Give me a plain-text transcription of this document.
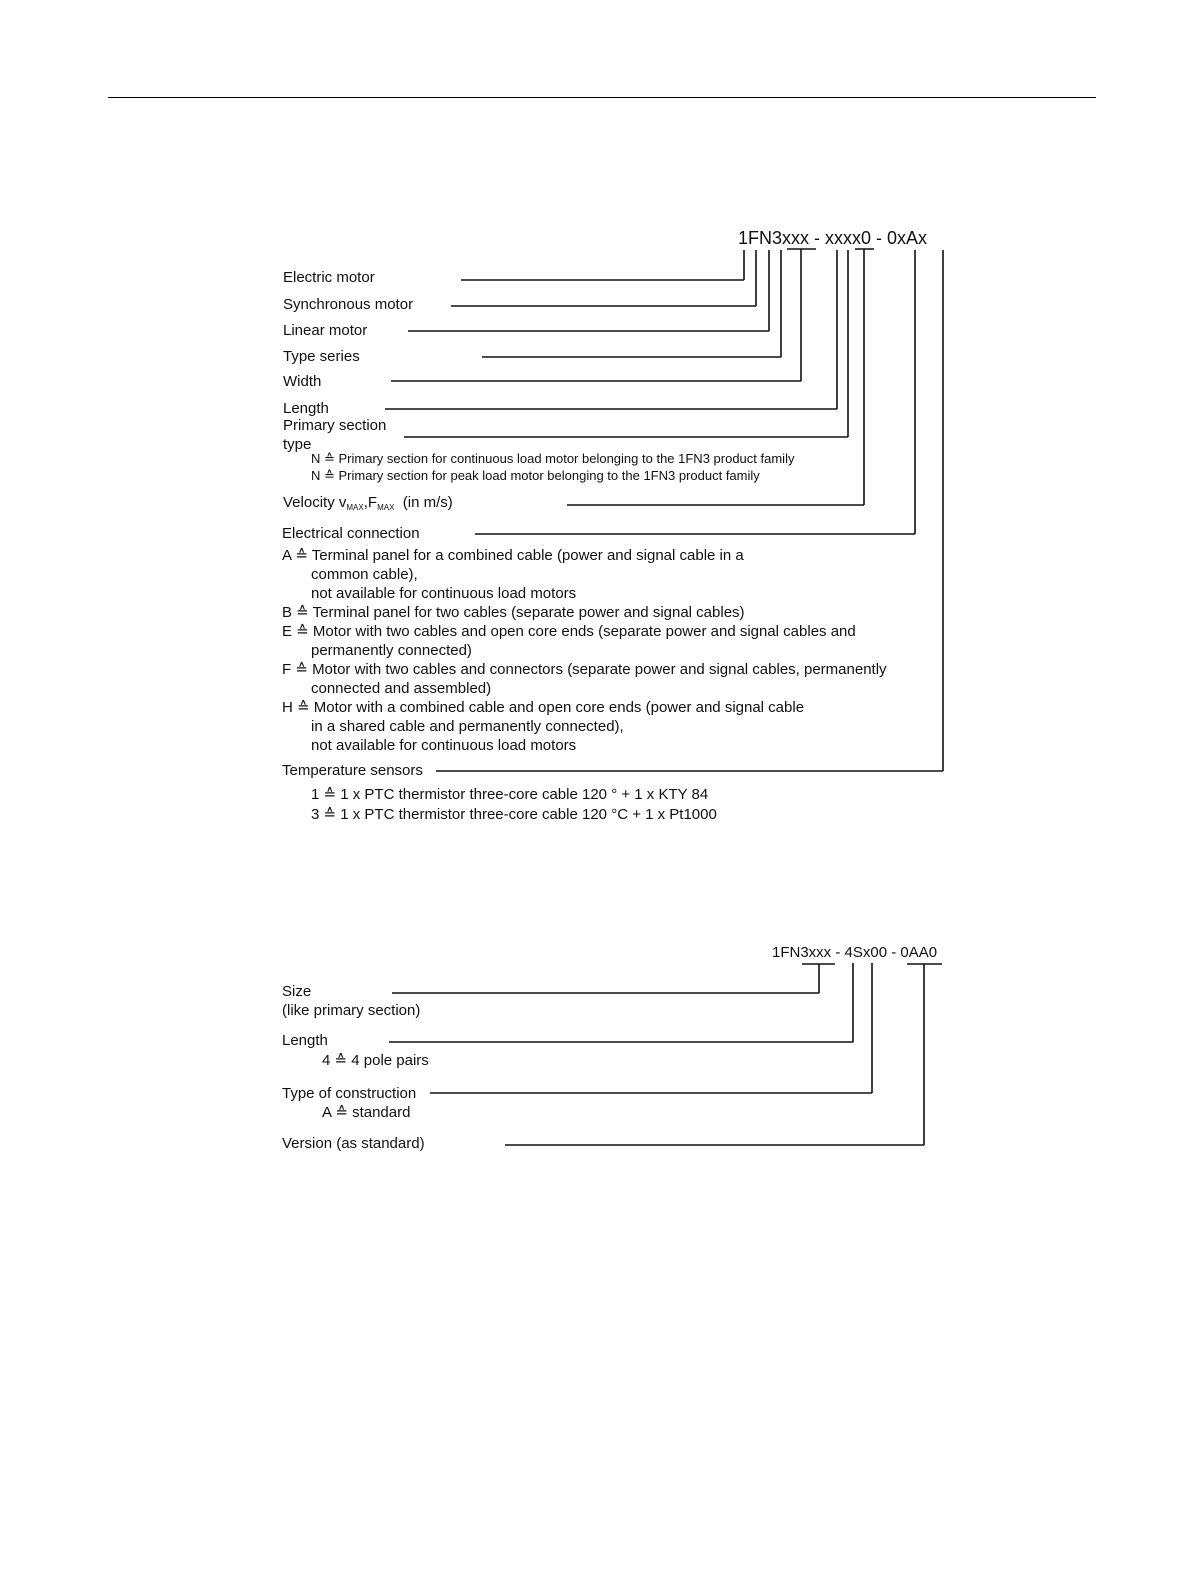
1FN3xxx - xxxx0 - 0xAx
Electric motor
Synchronous motor
Linear motor
Type series
Width
Length
Primary section
type
N ≙ Primary section for continuous load motor belonging to the 1FN3 product family
N ≙ Primary section for peak load motor belonging to the 1FN3 product family
Velocity $v_{MAX},F_{MAX}$ (in m/s)
Electrical connection
A ≙ Terminal panel for a combined cable (power and signal cable in a
common cable),
not available for continuous load motors
B ≙ Terminal panel for two cables (separate power and signal cables)
E ≙ Motor with two cables and open core ends (separate power and signal cables and
permanently connected)
F ≙ Motor with two cables and connectors (separate power and signal cables, permanently
connected and assembled)
H ≙ Motor with a combined cable and open core ends (power and signal cable
in a shared cable and permanently connected),
not available for continuous load motors
Temperature sensors
1 ≙ 1 x PTC thermistor three-core cable 120 ° + 1 x KTY 84
3 ≙ 1 x PTC thermistor three-core cable 120 °C + 1 x Pt1000
1FN3xxx - 4Sx00 - 0AA0
Size
(like primary section)
Length
4 ≙ 4 pole pairs
Type of construction
A ≙ standard
Version (as standard)
